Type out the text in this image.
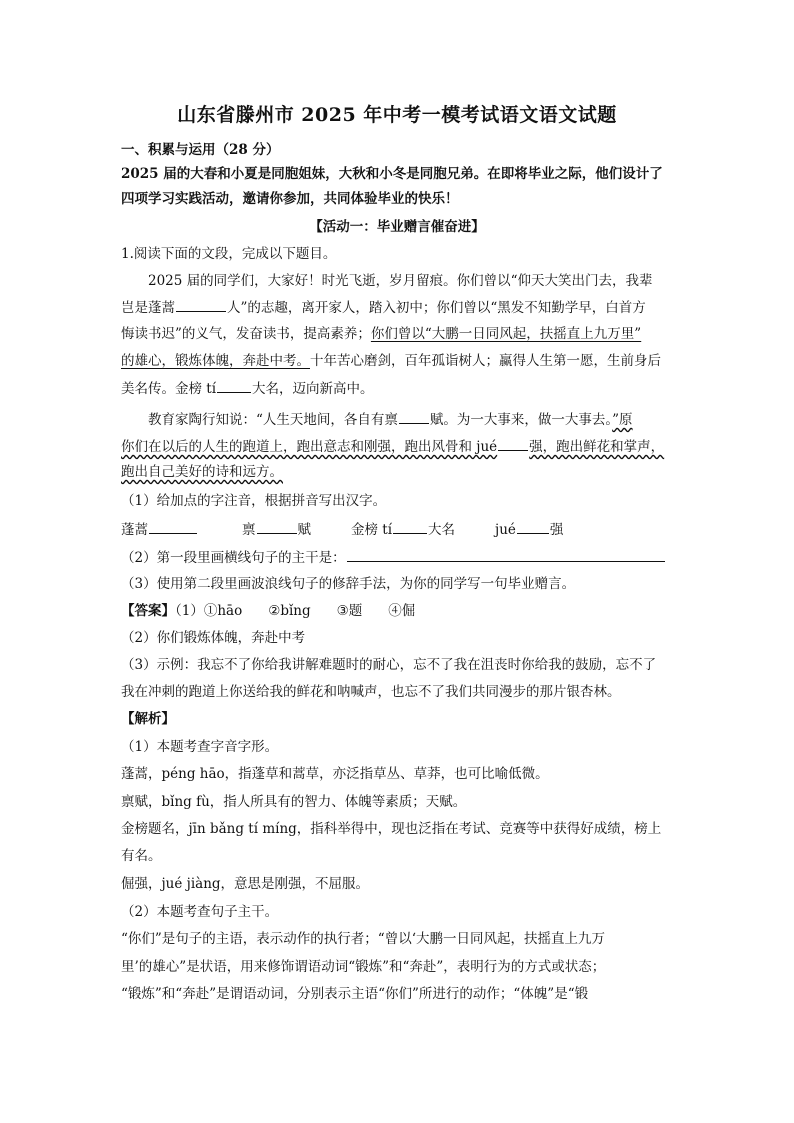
山东省滕州市 2025 年中考一模考试语文语文试题
一、积累与运用（28 分）
2025 届的大春和小夏是同胞姐妹，大秋和小冬是同胞兄弟。在即将毕业之际，他们设计了
四项学习实践活动，邀请你参加，共同体验毕业的快乐！
【活动一：毕业赠言催奋进】
1.阅读下面的文段，完成以下题目。
2025 届的同学们，大家好！时光飞逝，岁月留痕。你们曾以“仰天大笑出门去，我辈
岂是蓬蒿	人”的志趣，离开家人，踏入初中；你们曾以“黑发不知勤学早，白首方
悔读书迟”的义气，发奋读书，提高素养；你们曾以“大鹏一日同风起，扶摇直上九万里”
的雄心，锻炼体魄，奔赴中考。十年苦心磨剑，百年孤诣树人；赢得人生第一愿，生前身后
美名传。金榜 tí	大名，迈向新高中。
教育家陶行知说：“人生天地间，各自有禀 赋。为一大事来，做一大事去。”原
你们在以后的人生的跑道上，跑出意志和刚强，跑出风骨和 jué 强，跑出鲜花和掌声，
跑出自己美好的诗和远方。
（1）给加点的字注音，根据拼音写出汉字。
蓬蒿	禀	赋	金榜 tí	大名	jué	强
（2）第一段里画横线句子的主干是：
（3）使用第二段里画波浪线句子的修辞手法，为你的同学写一句毕业赠言。
【答案】（1）①hāo ②bǐng ③题 ④倔
（2）你们锻炼体魄，奔赴中考
（3）示例：我忘不了你给我讲解难题时的耐心，忘不了我在沮丧时你给我的鼓励，忘不了
我在冲刺的跑道上你送给我的鲜花和呐喊声，也忘不了我们共同漫步的那片银杏林。
【解析】
（1）本题考查字音字形。
蓬蒿，péng hāo，指蓬草和蒿草，亦泛指草丛、草莽，也可比喻低微。
禀赋，bǐng fù，指人所具有的智力、体魄等素质；天赋。
金榜题名，jīn bǎng tí míng，指科举得中，现也泛指在考试、竞赛等中获得好成绩，榜上
有名。
倔强，jué jiàng，意思是刚强，不屈服。
（2）本题考查句子主干。
“你们”是句子的主语，表示动作的执行者；“曾以‘大鹏一日同风起，扶摇直上九万
里’的雄心”是状语，用来修饰谓语动词“锻炼”和“奔赴”，表明行为的方式或状态；
“锻炼”和“奔赴”是谓语动词，分别表示主语“你们”所进行的动作；“体魄”是“锻
